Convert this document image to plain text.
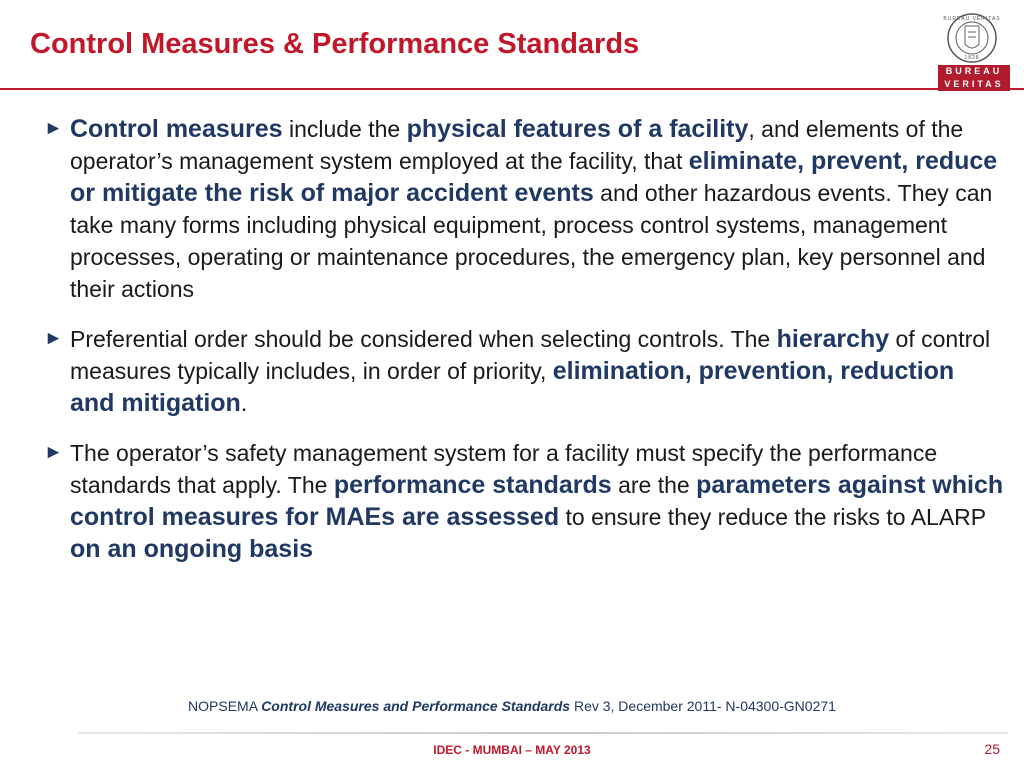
Control Measures & Performance Standards
BUREAU VERITAS
1828
BUREAU
VERITAS
► Control measures include the physical features of a facility, and elements of the operator’s management system employed at the facility, that eliminate, prevent, reduce or mitigate the risk of major accident events and other hazardous events. They can take many forms including physical equipment, process control systems, management processes, operating or maintenance procedures, the emergency plan, key personnel and their actions
► Preferential order should be considered when selecting controls. The hierarchy of control measures typically includes, in order of priority, elimination, prevention, reduction and mitigation.
► The operator’s safety management system for a facility must specify the performance standards that apply. The performance standards are the parameters against which control measures for MAEs are assessed to ensure they reduce the risks to ALARP on an ongoing basis
NOPSEMA Control Measures and Performance Standards Rev 3, December 2011- N-04300-GN0271
IDEC - MUMBAI – MAY 2013	25
